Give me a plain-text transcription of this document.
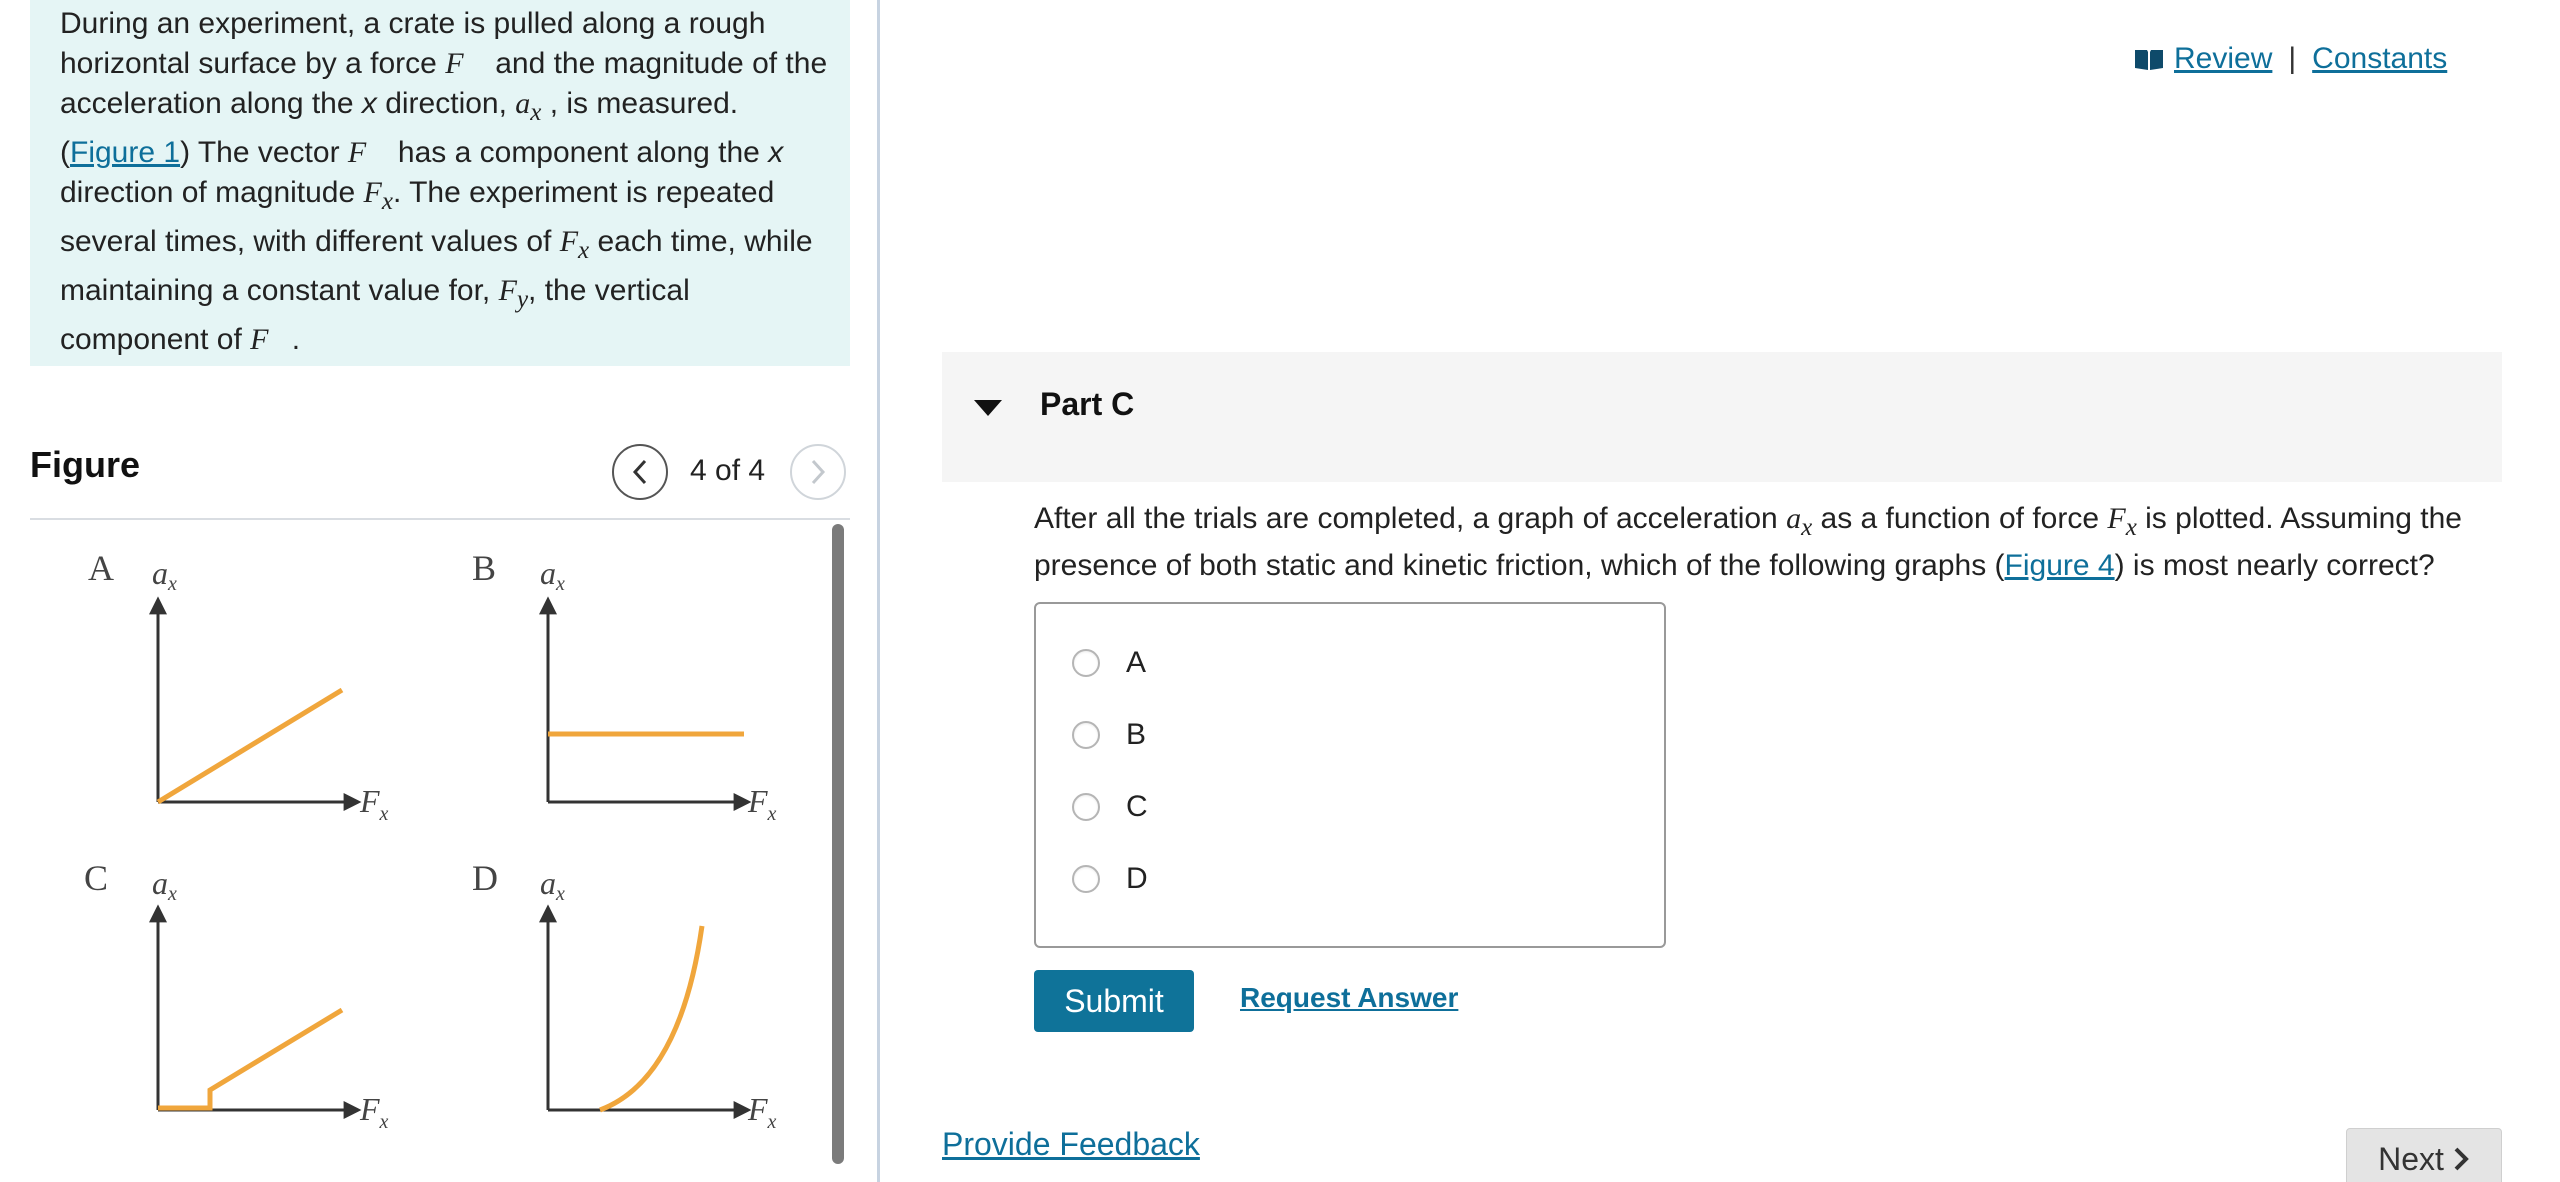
During an experiment, a crate is pulled along a rough horizontal surface by a force F⃗ and the magnitude of the acceleration along the x direction, $a_x$ , is measured.(Figure 1) The vector F⃗ has a component along the x direction of magnitude $F_x$. The experiment is repeated several times, with different values of $F_x$ each time, while maintaining a constant value for, $F_y$, the vertical component of F⃗.

Figure	4 of 4
A ax
$F_x$
B ax
$F_x$
C ax
$F_x$
D ax
$F_x$
Review | Constants
Part C
After all the trials are completed, a graph of acceleration $a_x$ as a function of force $F_x$ is plotted. Assuming the presence of both static and kinetic friction, which of the following graphs (Figure 4) is most nearly correct?
A
B
C
D
Submit	Request Answer
Provide Feedback	Next
